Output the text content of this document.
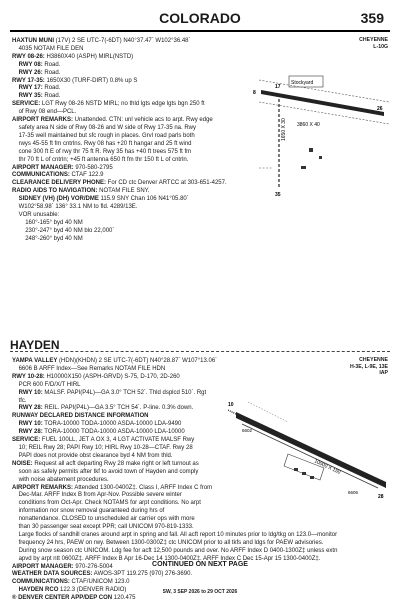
COLORADO	359
CHEYENNE
L-10G
HAXTUN MUNI (17V) 2 SE UTC-7(-6DT) N40°37.47´ W102°36.48´
4035 NOTAM FILE DEN
RWY 08-26: H3860X40 (ASPH) MIRL(NSTD)
RWY 08: Road.
RWY 26: Road.
RWY 17-35: 1650X30 (TURF-DIRT) 0.8% up S
RWY 17: Road.
RWY 35: Road.
SERVICE: LGT Rwy 08-26 NSTD MIRL; no thld lgts edge lgts bgn 250 ft
of Rwy 08 end—PCL.
AIRPORT REMARKS: Unattended. CTN: unl vehicle acs to arpt. Rwy edge
safety area N side of Rwy 08-26 and W side of Rwy 17-35 na. Rwy
17-35 well maintained but sfc rough in places. Grvl road parls both
rwys 45-55 ft fm cntrlns. Rwy 08 has +20 ft hangar and 25 ft wind
cone 300 ft E of rwy thr 75 ft R. Rwy 35 has +40 ft trees 575 ft fm
thr 70 ft L of cntrln; +45 ft antenna 650 ft fm thr 150 ft L of cntrln.
AIRPORT MANAGER: 970-580-2795
COMMUNICATIONS: CTAF 122.9
CLEARANCE DELIVERY PHONE: For CD ctc Denver ARTCC at 303-651-4257.
RADIO AIDS TO NAVIGATION: NOTAM FILE SNY.
SIDNEY (VH) (DH) VOR/DME 115.9 SNY Chan 106 N41°05.80´
W102°58.98´ 136° 33.1 NM to fld. 4289/13E.
VOR unusable:
160°-165° byd 40 NM
230°-247° byd 40 NM blo 22,000´
248°-260° byd 40 NM
Stockyard
1650 X 30 3860 X 40
8
26
17
35
HAYDEN
CHEYENNE
H-3E, L-9E, 13E
IAP
YAMPA VALLEY (HDN)(KHDN) 2 SE UTC-7(-6DT) N40°28.87´ W107°13.06´
6606 B ARFF Index—See Remarks NOTAM FILE HDN
RWY 10-28: H10000X150 (ASPH-GRVD) S-75, D-170, 2D-260
PCR 600 F/D/X/T HIRL
RWY 10: MALSF. PAPI(P4L)—GA 3.0° TCH 52´. Thld dsplcd 510´. Rgt
tfc.
RWY 28: REIL. PAPI(P4L)—GA 3.5° TCH 54´. P-line. 0.3% down.
RUNWAY DECLARED DISTANCE INFORMATION
RWY 10: TORA-10000 TODA-10000 ASDA-10000 LDA-9490
RWY 28: TORA-10000 TODA-10000 ASDA-10000 LDA-10000
SERVICE: FUEL 100LL, JET A OX 3, 4 LGT ACTIVATE MALSF Rwy
10; REIL Rwy 28; PAPI Rwy 10; HIRL Rwy 10-28—CTAF. Rwy 28
PAPI does not provide obst clearance byd 4 NM from thld.
NOISE: Request all acft departing Rwy 28 make right or left turnout as
soon as safely permits after tkf to avoid town of Hayden and comply
with noise abatement procedures.
AIRPORT REMARKS: Attended 1300-0400Z‡. Class I, ARFF Index C from
Dec-Mar. ARFF Index B from Apr-Nov. Possible severe winter
conditions from Oct-Apr. Check NOTAMS for arpt conditions. No arpt
information nor snow removal guaranteed during hrs of
nonattendance. CLOSED to unscheduled air carrier ops with more
than 30 passenger seat except PPR; call UNICOM 970-819-1333.
Large flocks of sandhill cranes around arpt in spring and fall. All acft report 10 minutes prior to ldg/tkg on 123.0—monitor
frequency 24 hrs, PAEW on rwy. Between 1300-0300Z‡ ctc UNICOM prior to all tkfs and ldgs for PAEW advisories.
During snow season ctc UNICOM. Ldg fee for acft 12,500 pounds and over. No ARFF Index D 0400-1300Z‡ unless extn
apvd by arpt ntt 0600Z‡. ARFF Index B Apr 16-Dec 14 1300-0400Z‡. ARFF Index C Dec 15-Apr 15 1300-0400Z‡.
AIRPORT MANAGER: 970-276-5004
WEATHER DATA SOURCES: AWOS-3PT 119.275 (970) 276-3690.
COMMUNICATIONS: CTAF/UNICOM 123.0
HAYDEN RCO 122.3 (DENVER RADIO)
® DENVER CENTER APP/DEP CON 120.475
10000 X 150
10
28
6602
6606
CONTINUED ON NEXT PAGE
SW, 3 SEP 2026 to 29 OCT 2026
